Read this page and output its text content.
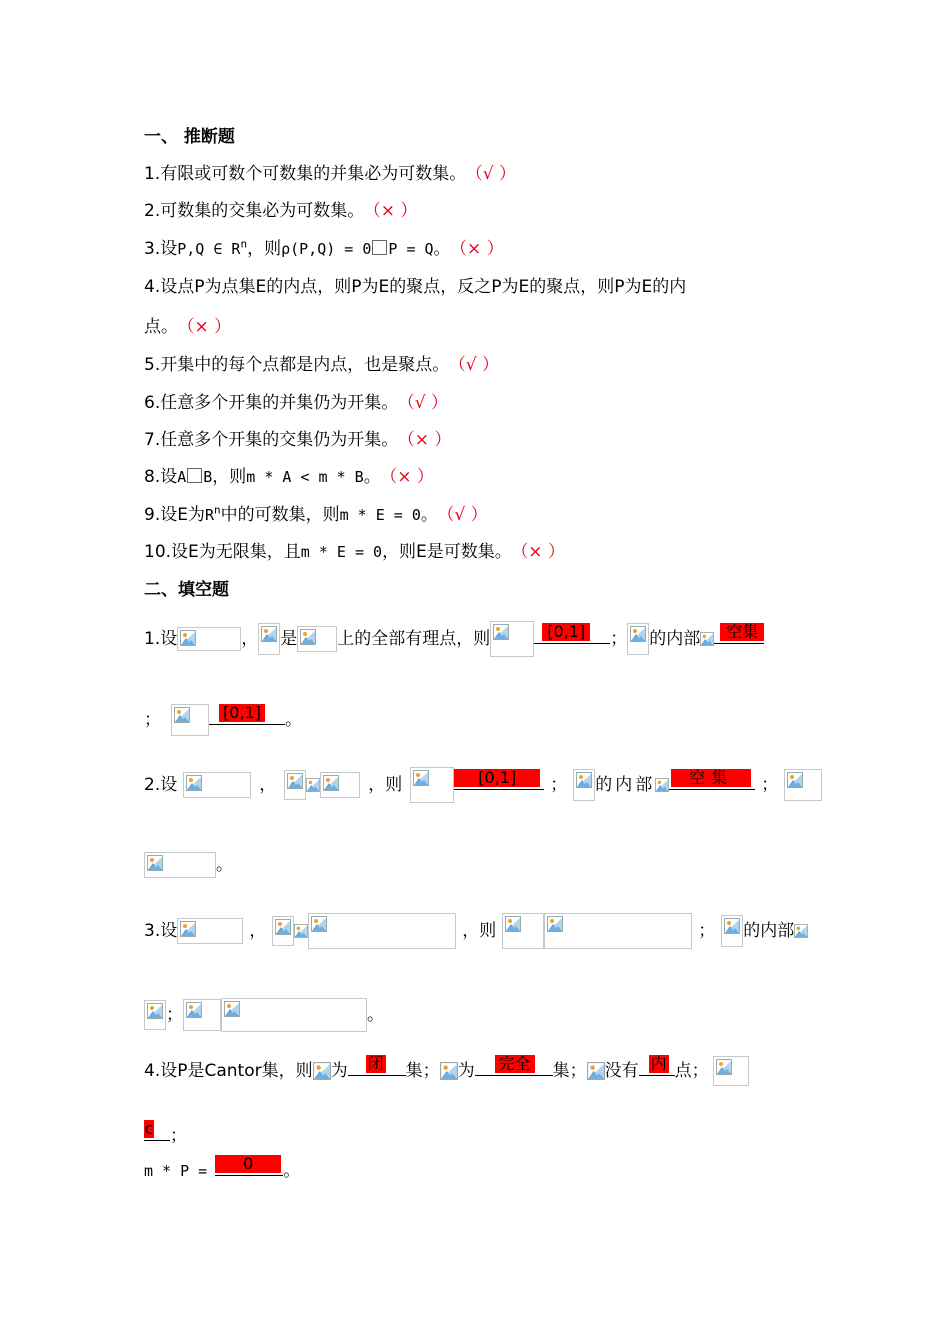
一、 推断题
1.有限或可数个可数集的并集必为可数集。 （√ ）
2.可数集的交集必为可数集。 （× ）
3.设P,Q ∈ $R^n$，则ρ(P,Q) = 0 P = Q。 （× ）
4.设点P为点集E的内点，则P为E的聚点，反之P为E的聚点，则P为E的内
点。 （× ）
5.开集中的每个点都是内点，也是聚点。 （√ ）
6.任意多个开集的并集仍为开集。 （√ ）
7.任意多个开集的交集仍为开集。 （× ）
8.设A B，则m * A < m * B。 （× ）
9.设E为$R^n$中的可数集，则m * E = 0。 （√ ）
10.设E为无限集，且m * E = 0，则E是可数集。 （× ）
二、填空题
1.设	， 是 上的全部有理点，则	[0,1] ； 的内部	空集
；	[0,1] 。
2.设	，	，则	[0,1]	； 的内部	空集	；
。
3.设	，	，则	； 的内部
；	。
4.设P是Cantor集，则 为 闭 集； 为 完全 集； 没有 内 点；
c ；
m * P =	0	。
